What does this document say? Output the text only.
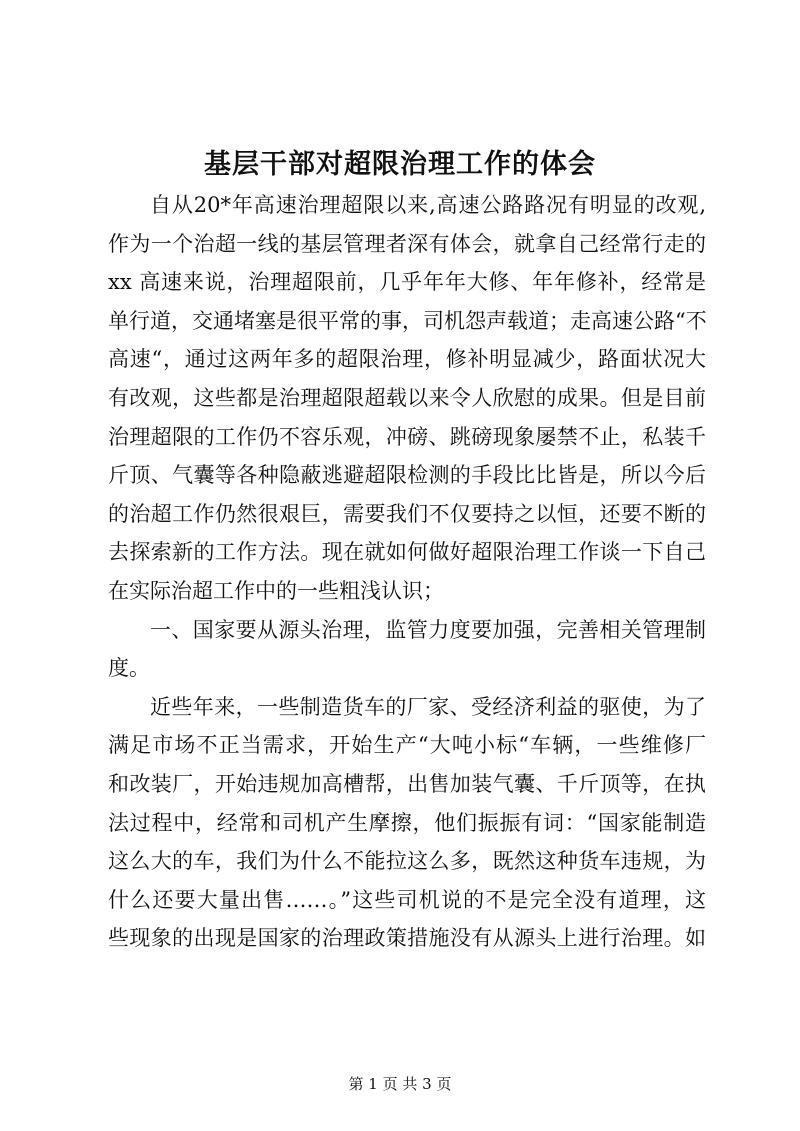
基层干部对超限治理工作的体会
自从20*年高速治理超限以来,高速公路路况有明显的改观,
作为一个治超一线的基层管理者深有体会，就拿自己经常行走的
xx 高速来说，治理超限前，几乎年年大修、年年修补，经常是
单行道，交通堵塞是很平常的事，司机怨声载道；走高速公路“不
高速“，通过这两年多的超限治理，修补明显减少，路面状况大
有改观，这些都是治理超限超载以来令人欣慰的成果。但是目前
治理超限的工作仍不容乐观，冲磅、跳磅现象屡禁不止，私装千
斤顶、气囊等各种隐蔽逃避超限检测的手段比比皆是，所以今后
的治超工作仍然很艰巨，需要我们不仅要持之以恒，还要不断的
去探索新的工作方法。现在就如何做好超限治理工作谈一下自己
在实际治超工作中的一些粗浅认识；
一、国家要从源头治理，监管力度要加强，完善相关管理制
度。
近些年来，一些制造货车的厂家、受经济利益的驱使，为了
满足市场不正当需求，开始生产“大吨小标“车辆，一些维修厂
和改装厂，开始违规加高槽帮，出售加装气囊、千斤顶等，在执
法过程中，经常和司机产生摩擦，他们振振有词：“国家能制造
这么大的车，我们为什么不能拉这么多，既然这种货车违规，为
什么还要大量出售……。”这些司机说的不是完全没有道理，这
些现象的出现是国家的治理政策措施没有从源头上进行治理。如
第 1 页 共 3 页
